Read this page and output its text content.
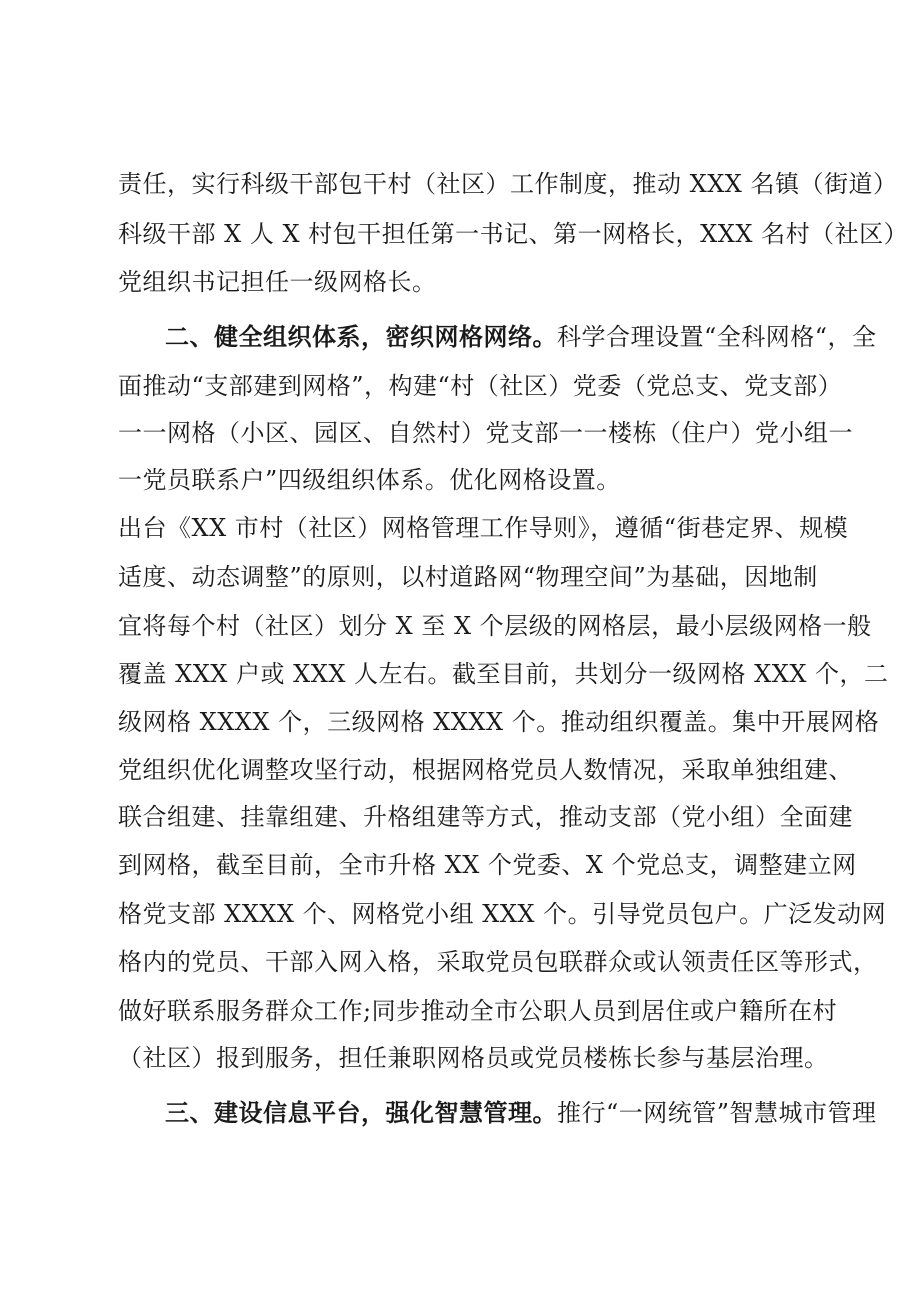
责任，实行科级干部包干村（社区）工作制度，推动 XXX 名镇（街道）
科级干部 X 人 X 村包干担任第一书记、第一网格长，XXX 名村（社区）
党组织书记担任一级网格长。
二、健全组织体系，密织网格网络。科学合理设置“全科网格“，全
面推动“支部建到网格”，构建“村（社区）党委（党总支、党支部）
一一网格（小区、园区、自然村）党支部一一楼栋（住户）党小组一
一党员联系户”四级组织体系。优化网格设置。
出台《XX 市村（社区）网格管理工作导则》，遵循“街巷定界、规模
适度、动态调整”的原则，以村道路网“物理空间”为基础，因地制
宜将每个村（社区）划分 X 至 X 个层级的网格层，最小层级网格一般
覆盖 XXX 户或 XXX 人左右。截至目前，共划分一级网格 XXX 个，二
级网格 XXXX 个，三级网格 XXXX 个。推动组织覆盖。集中开展网格
党组织优化调整攻坚行动，根据网格党员人数情况，采取单独组建、
联合组建、挂靠组建、升格组建等方式，推动支部（党小组）全面建
到网格，截至目前，全市升格 XX 个党委、X 个党总支，调整建立网
格党支部 XXXX 个、网格党小组 XXX 个。引导党员包户。广泛发动网
格内的党员、干部入网入格，采取党员包联群众或认领责任区等形式，
做好联系服务群众工作;同步推动全市公职人员到居住或户籍所在村
（社区）报到服务，担任兼职网格员或党员楼栋长参与基层治理。
三、建设信息平台，强化智慧管理。推行“一网统管”智慧城市管理
